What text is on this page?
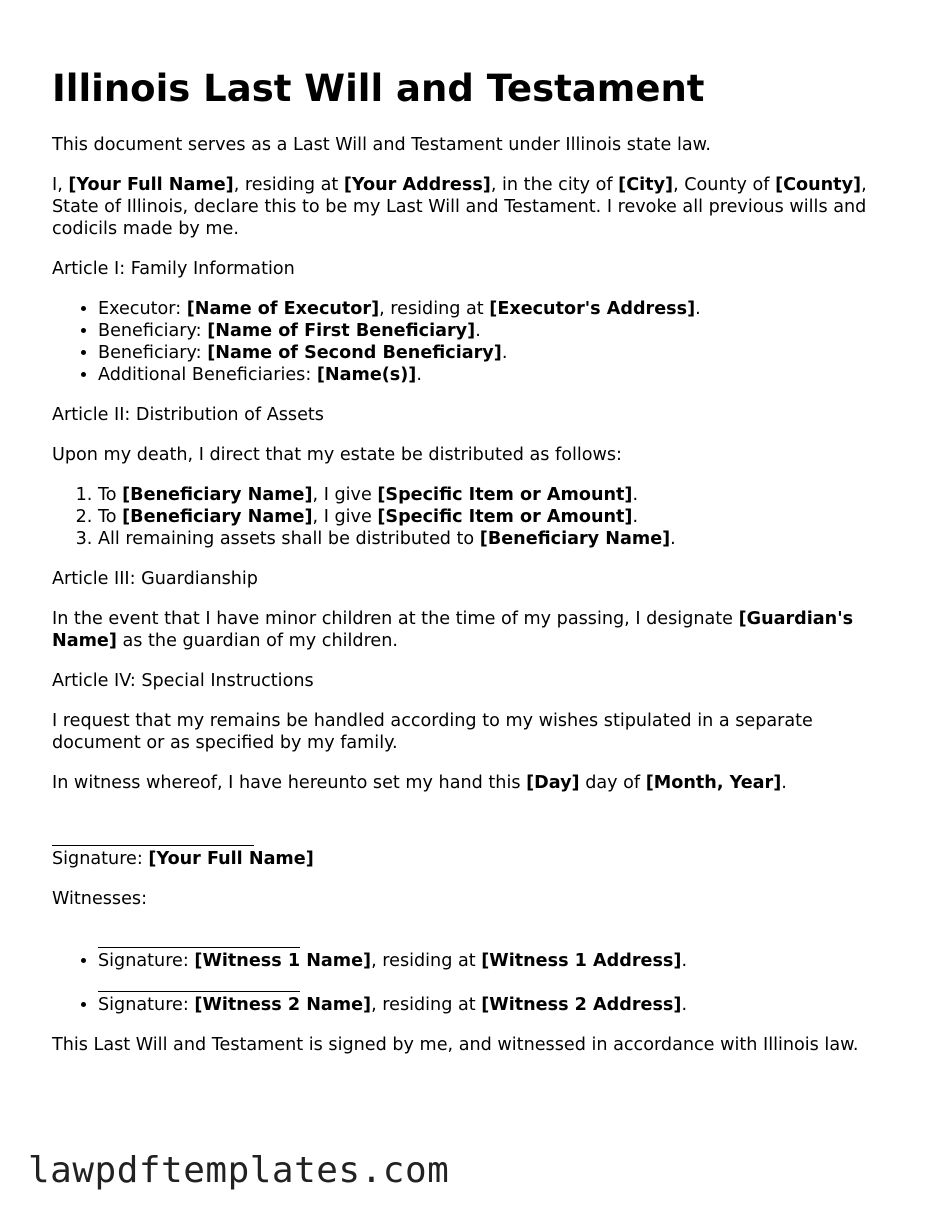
Illinois Last Will and Testament

This document serves as a Last Will and Testament under Illinois state law.

I, [Your Full Name], residing at [Your Address], in the city of [City], County of [County], State of Illinois, declare this to be my Last Will and Testament. I revoke all previous wills and codicils made by me.

Article I: Family Information

• Executor: [Name of Executor], residing at [Executor's Address].
• Beneficiary: [Name of First Beneficiary].
• Beneficiary: [Name of Second Beneficiary].
• Additional Beneficiaries: [Name(s)].

Article II: Distribution of Assets

Upon my death, I direct that my estate be distributed as follows:

1. To [Beneficiary Name], I give [Specific Item or Amount].
2. To [Beneficiary Name], I give [Specific Item or Amount].
3. All remaining assets shall be distributed to [Beneficiary Name].

Article III: Guardianship

In the event that I have minor children at the time of my passing, I designate [Guardian's Name] as the guardian of my children.

Article IV: Special Instructions

I request that my remains be handled according to my wishes stipulated in a separate document or as specified by my family.

In witness whereof, I have hereunto set my hand this [Day] day of [Month, Year].

Signature: [Your Full Name]

Witnesses:

• Signature: [Witness 1 Name], residing at [Witness 1 Address].
• Signature: [Witness 2 Name], residing at [Witness 2 Address].

This Last Will and Testament is signed by me, and witnessed in accordance with Illinois law.

lawpdftemplates.com
